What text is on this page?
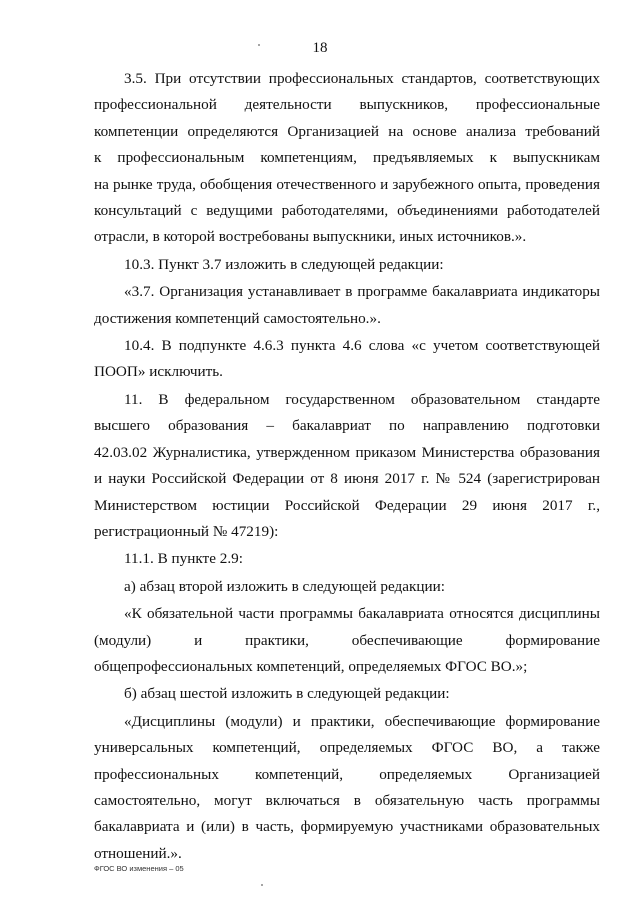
18
3.5. При отсутствии профессиональных стандартов, соответствующих
профессиональной деятельности выпускников, профессиональные
компетенции определяются Организацией на основе анализа требований
к профессиональным компетенциям, предъявляемых к выпускникам
на рынке труда, обобщения отечественного и зарубежного опыта, проведения
консультаций с ведущими работодателями, объединениями работодателей
отрасли, в которой востребованы выпускники, иных источников.».
10.3. Пункт 3.7 изложить в следующей редакции:
«3.7. Организация устанавливает в программе бакалавриата индикаторы
достижения компетенций самостоятельно.».
10.4. В подпункте 4.6.3 пункта 4.6 слова «с учетом соответствующей
ПООП» исключить.
11. В федеральном государственном образовательном стандарте
высшего образования – бакалавриат по направлению подготовки
42.03.02 Журналистика, утвержденном приказом Министерства образования
и науки Российской Федерации от 8 июня 2017 г. № 524 (зарегистрирован
Министерством юстиции Российской Федерации 29 июня 2017 г.,
регистрационный № 47219):
11.1. В пункте 2.9:
а) абзац второй изложить в следующей редакции:
«К обязательной части программы бакалавриата относятся дисциплины
(модули) и практики, обеспечивающие формирование
общепрофессиональных компетенций, определяемых ФГОС ВО.»;
б) абзац шестой изложить в следующей редакции:
«Дисциплины (модули) и практики, обеспечивающие формирование
универсальных компетенций, определяемых ФГОС ВО, а также
профессиональных компетенций, определяемых Организацией
самостоятельно, могут включаться в обязательную часть программы
бакалавриата и (или) в часть, формируемую участниками образовательных
отношений.».
ФГОС ВО изменения – 05
